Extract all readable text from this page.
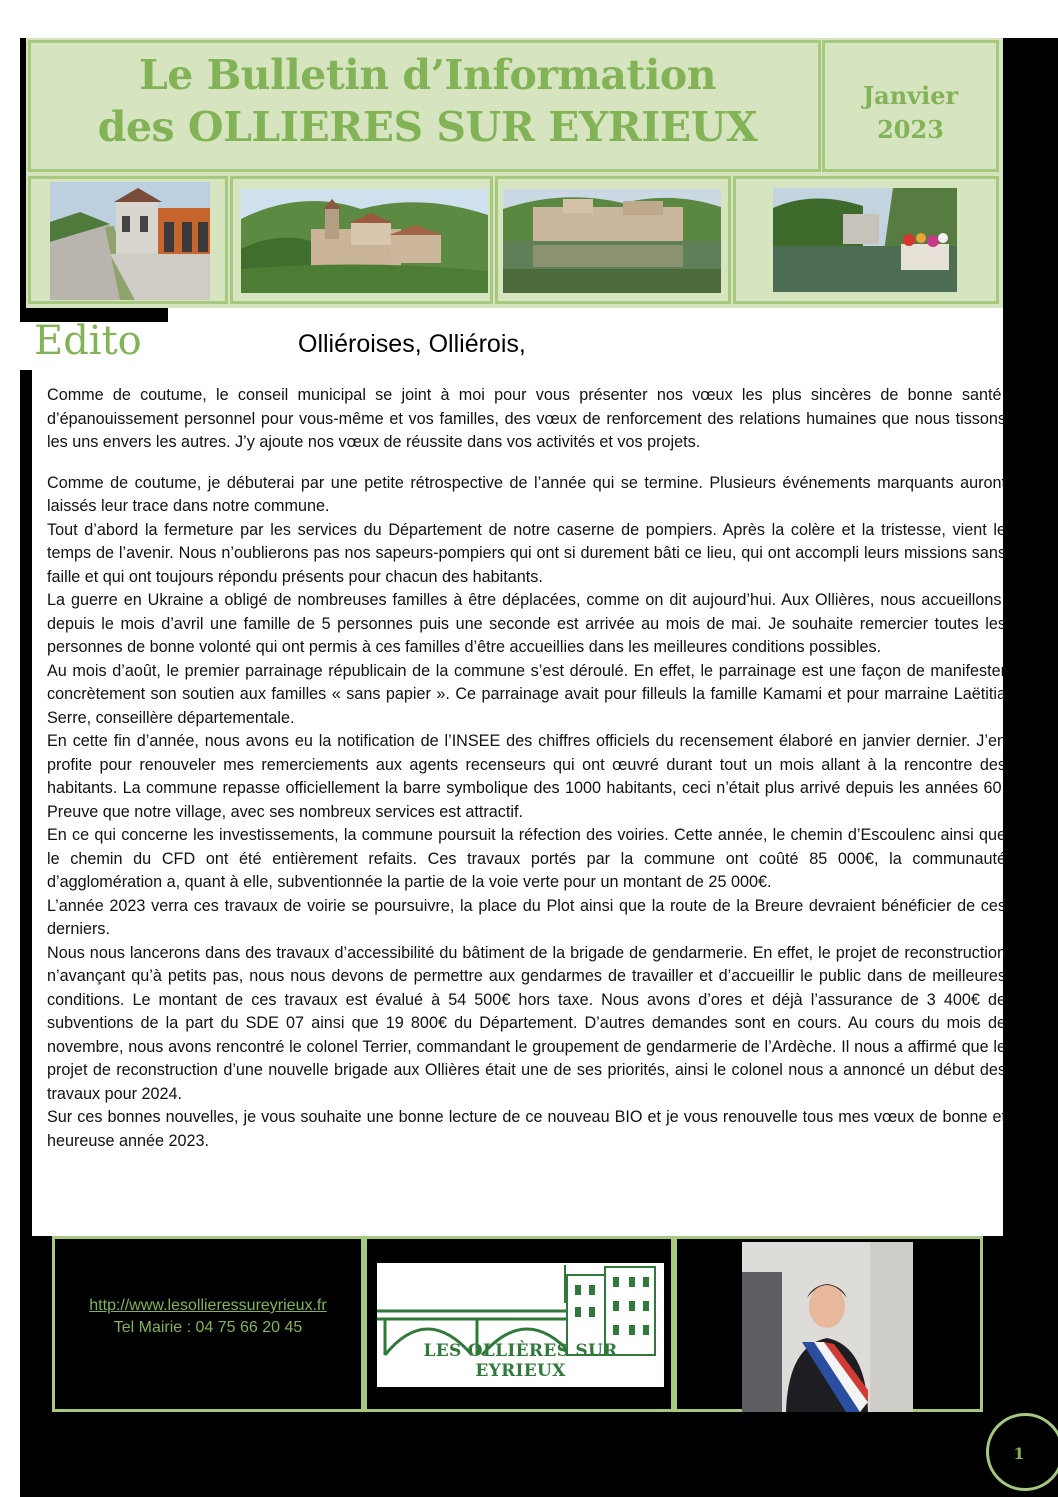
Le Bulletin d’Information
des OLLIERES SUR EYRIEUX
Janvier
2023
Edito	Olliéroises, Olliérois,

Comme de coutume, le conseil municipal se joint à moi pour vous présenter nos vœux les plus sincères de bonne santé, d’épanouissement personnel pour vous-même et vos familles, des vœux de renforcement des relations humaines que nous tissons les uns envers les autres. J’y ajoute nos vœux de réussite dans vos activités et vos projets.

Comme de coutume, je débuterai par une petite rétrospective de l’année qui se termine. Plusieurs événements marquants auront laissés leur trace dans notre commune.

Tout d’abord la fermeture par les services du Département de notre caserne de pompiers. Après la colère et la tristesse, vient le temps de l’avenir. Nous n’oublierons pas nos sapeurs-pompiers qui ont si durement bâti ce lieu, qui ont accompli leurs missions sans faille et qui ont toujours répondu présents pour chacun des habitants.

La guerre en Ukraine a obligé de nombreuses familles à être déplacées, comme on dit aujourd’hui. Aux Ollières, nous accueillons, depuis le mois d’avril une famille de 5 personnes puis une seconde est arrivée au mois de mai. Je souhaite remercier toutes les personnes de bonne volonté qui ont permis à ces familles d’être accueillies dans les meilleures conditions possibles.

Au mois d’août, le premier parrainage républicain de la commune s’est déroulé. En effet, le parrainage est une façon de manifester concrètement son soutien aux familles « sans papier ». Ce parrainage avait pour filleuls la famille Kamami et pour marraine Laëtitia Serre, conseillère départementale.

En cette fin d’année, nous avons eu la notification de l’INSEE des chiffres officiels du recensement élaboré en janvier dernier. J’en profite pour renouveler mes remerciements aux agents recenseurs qui ont œuvré durant tout un mois allant à la rencontre des habitants. La commune repasse officiellement la barre symbolique des 1000 habitants, ceci n’était plus arrivé depuis les années 60. Preuve que notre village, avec ses nombreux services est attractif.

En ce qui concerne les investissements, la commune poursuit la réfection des voiries. Cette année, le chemin d’Escoulenc ainsi que le chemin du CFD ont été entièrement refaits. Ces travaux portés par la commune ont coûté 85 000€, la communauté d’agglomération a, quant à elle, subventionnée la partie de la voie verte pour un montant de 25 000€.

L’année 2023 verra ces travaux de voirie se poursuivre, la place du Plot ainsi que la route de la Breure devraient bénéficier de ces derniers.

Nous nous lancerons dans des travaux d’accessibilité du bâtiment de la brigade de gendarmerie. En effet, le projet de reconstruction n’avançant qu’à petits pas, nous nous devons de permettre aux gendarmes de travailler et d’accueillir le public dans de meilleures conditions. Le montant de ces travaux est évalué à 54 500€ hors taxe. Nous avons d’ores et déjà l’assurance de 3 400€ de subventions de la part du SDE 07 ainsi que 19 800€ du Département. D’autres demandes sont en cours. Au cours du mois de novembre, nous avons rencontré le colonel Terrier, commandant le groupement de gendarmerie de l’Ardèche. Il nous a affirmé que le projet de reconstruction d’une nouvelle brigade aux Ollières était une de ses priorités, ainsi le colonel nous a annoncé un début des travaux pour 2024.

Sur ces bonnes nouvelles, je vous souhaite une bonne lecture de ce nouveau BIO et je vous renouvelle tous mes vœux de bonne et heureuse année 2023.

http://www.lesollieressureyrieux.fr
Tel Mairie : 04 75 66 20 45
LES OLLIÈRES SUR EYRIEUX
1
